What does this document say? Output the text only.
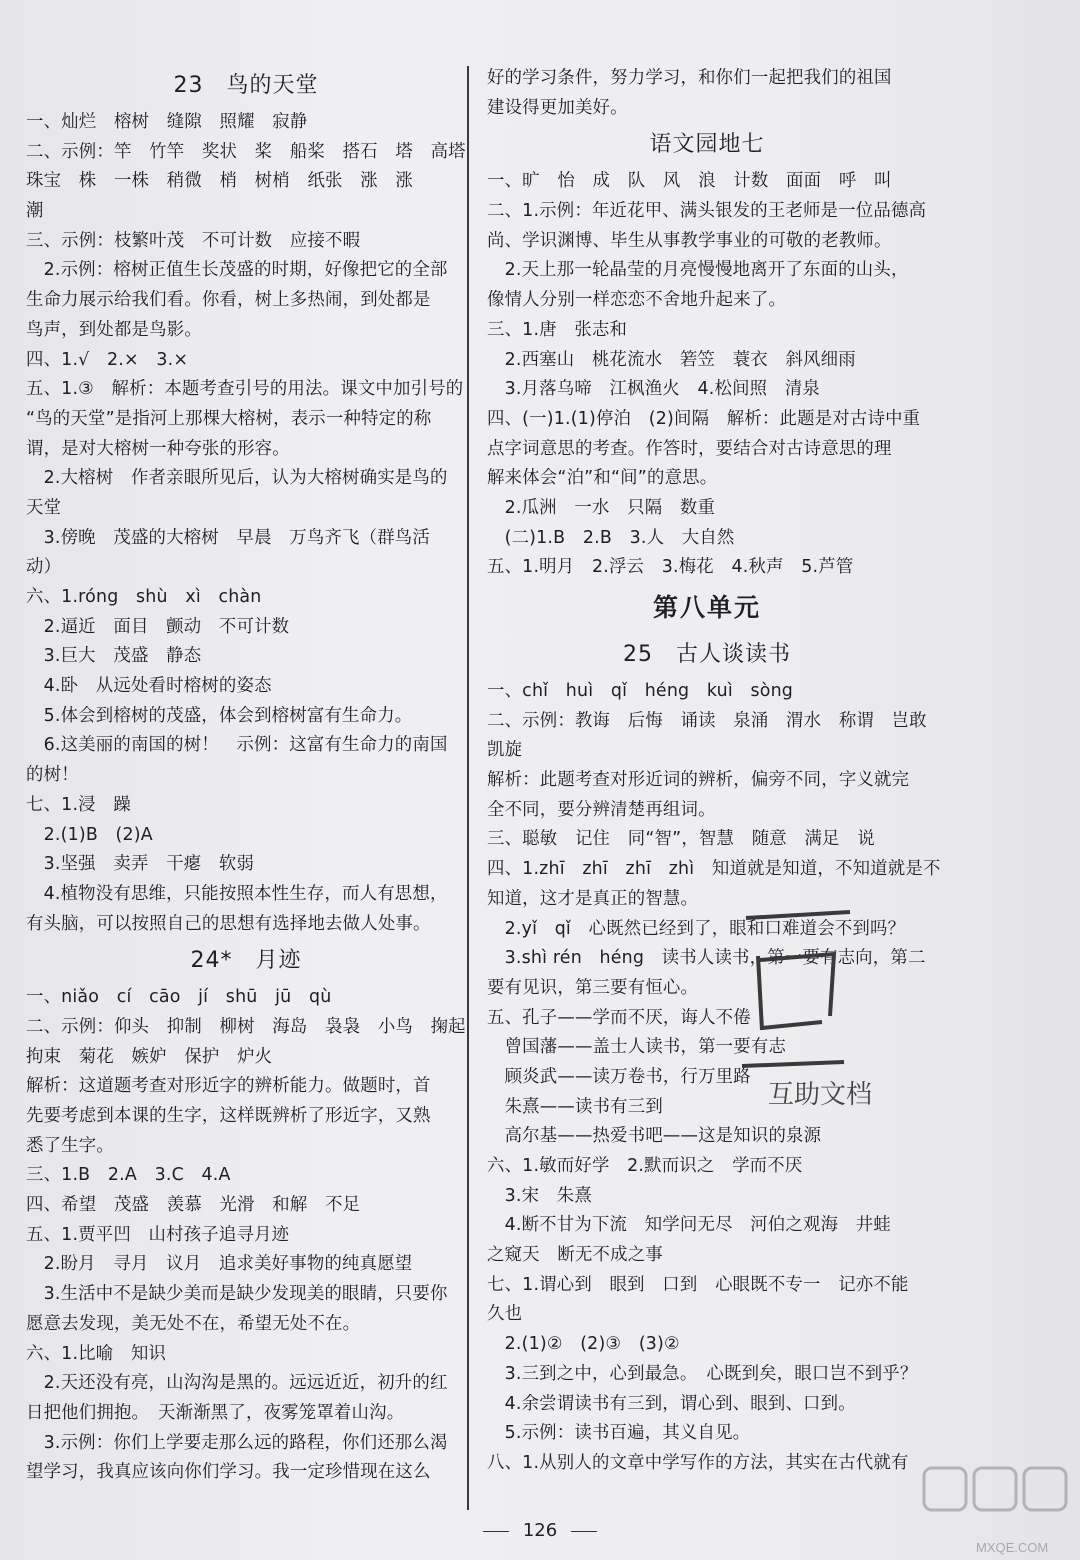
23　鸟的天堂
一、灿烂　榕树　缝隙　照耀　寂静
二、示例：竿　竹竿　奖状　桨　船桨　搭石　塔　高塔
珠宝　株　一株　稍微　梢　树梢　纸张　涨　涨
潮
三、示例：枝繁叶茂　不可计数　应接不暇
　2.示例：榕树正值生长茂盛的时期，好像把它的全部
生命力展示给我们看。你看，树上多热闹，到处都是
鸟声，到处都是鸟影。
四、1.√　2.×　3.×
五、1.③　解析：本题考查引号的用法。课文中加引号的
“鸟的天堂”是指河上那棵大榕树，表示一种特定的称
谓，是对大榕树一种夸张的形容。
　2.大榕树　作者亲眼所见后，认为大榕树确实是鸟的
天堂
　3.傍晚　茂盛的大榕树　早晨　万鸟齐飞（群鸟活
动）
六、1.róng　shù　xì　chàn
　2.逼近　面目　颤动　不可计数
　3.巨大　茂盛　静态
　4.卧　从远处看时榕树的姿态
　5.体会到榕树的茂盛，体会到榕树富有生命力。
　6.这美丽的南国的树！　示例：这富有生命力的南国
的树！
七、1.浸　躁
　2.(1)B　(2)A
　3.坚强　卖弄　干瘪　软弱
　4.植物没有思维，只能按照本性生存，而人有思想，
有头脑，可以按照自己的思想有选择地去做人处事。
24*　月迹
一、niǎo　cí　cāo　jí　shū　jū　qù
二、示例：仰头　抑制　柳树　海岛　袅袅　小鸟　掬起
拘束　菊花　嫉妒　保护　炉火
解析：这道题考查对形近字的辨析能力。做题时，首
先要考虑到本课的生字，这样既辨析了形近字，又熟
悉了生字。
三、1.B　2.A　3.C　4.A
四、希望　茂盛　羡慕　光滑　和解　不足
五、1.贾平凹　山村孩子追寻月迹
　2.盼月　寻月　议月　追求美好事物的纯真愿望
　3.生活中不是缺少美而是缺少发现美的眼睛，只要你
愿意去发现，美无处不在，希望无处不在。
六、1.比喻　知识
　2.天还没有亮，山沟沟是黑的。远远近近，初升的红
日把他们拥抱。　天渐渐黑了，夜雾笼罩着山沟。
　3.示例：你们上学要走那么远的路程，你们还那么渴
望学习，我真应该向你们学习。我一定珍惜现在这么
好的学习条件，努力学习，和你们一起把我们的祖国
建设得更加美好。
语文园地七
一、旷　怡　成　队　风　浪　计数　面面　呼　叫
二、1.示例：年近花甲、满头银发的王老师是一位品德高
尚、学识渊博、毕生从事教学事业的可敬的老教师。
　2.天上那一轮晶莹的月亮慢慢地离开了东面的山头，
像情人分别一样恋恋不舍地升起来了。
三、1.唐　张志和
　2.西塞山　桃花流水　箬笠　蓑衣　斜风细雨
　3.月落乌啼　江枫渔火　4.松间照　清泉
四、(一)1.(1)停泊　(2)间隔　解析：此题是对古诗中重
点字词意思的考查。作答时，要结合对古诗意思的理
解来体会“泊”和“间”的意思。
　2.瓜洲　一水　只隔　数重
　(二)1.B　2.B　3.人　大自然
五、1.明月　2.浮云　3.梅花　4.秋声　5.芦管
第八单元
25　古人谈读书
一、chǐ　huì　qǐ　héng　kuì　sòng
二、示例：教诲　后悔　诵读　泉涌　渭水　称谓　岂敢
凯旋
解析：此题考查对形近词的辨析，偏旁不同，字义就完
全不同，要分辨清楚再组词。
三、聪敏　记住　同“智”，智慧　随意　满足　说
四、1.zhī　zhī　zhī　zhì　知道就是知道，不知道就是不
知道，这才是真正的智慧。
　2.yǐ　qǐ　心既然已经到了，眼和口难道会不到吗？
　3.shì rén　héng　读书人读书，第一要有志向，第二
要有见识，第三要有恒心。
五、孔子——学而不厌，诲人不倦
　曾国藩——盖士人读书，第一要有志
　顾炎武——读万卷书，行万里路
　朱熹——读书有三到
　高尔基——热爱书吧——这是知识的泉源
六、1.敏而好学　2.默而识之　学而不厌
　3.宋　朱熹
　4.断不甘为下流　知学问无尽　河伯之观海　井蛙
之窥天　断无不成之事
七、1.谓心到　眼到　口到　心眼既不专一　记亦不能
久也
　2.(1)②　(2)③　(3)②
　3.三到之中，心到最急。　心既到矣，眼口岂不到乎？
　4.余尝谓读书有三到，谓心到、眼到、口到。
　5.示例：读书百遍，其义自见。
八、1.从别人的文章中学写作的方法，其实在古代就有
互助文档
126
MXQE.COM
